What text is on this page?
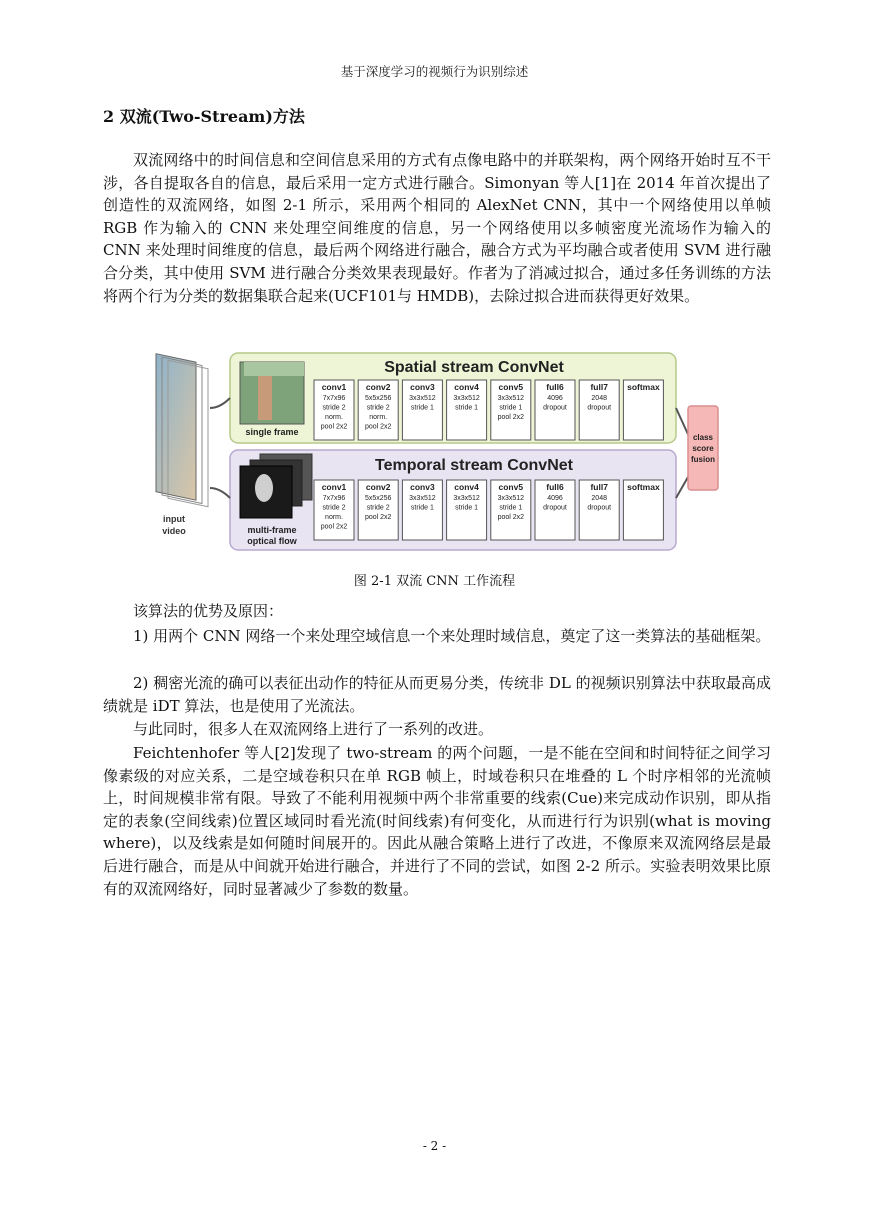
基于深度学习的视频行为识别综述
2 双流(Two-Stream)方法

双流网络中的时间信息和空间信息采用的方式有点像电路中的并联架构，两个网络开始时互不干涉，各自提取各自的信息，最后采用一定方式进行融合。Simonyan 等人[1]在 2014 年首次提出了创造性的双流网络，如图 2-1 所示，采用两个相同的 AlexNet CNN，其中一个网络使用以单帧 RGB 作为输入的 CNN 来处理空间维度的信息，另一个网络使用以多帧密度光流场作为输入的 CNN 来处理时间维度的信息，最后两个网络进行融合，融合方式为平均融合或者使用 SVM 进行融合分类，其中使用 SVM 进行融合分类效果表现最好。作者为了消减过拟合，通过多任务训练的方法将两个行为分类的数据集联合起来(UCF101与 HMDB)，去除过拟合进而获得更好效果。

Spatial stream ConvNet
Temporal stream ConvNet
input
video
single frame
multi-frame
optical flow
class
score
fusion
conv1
7x7x96
stride 2
norm.
pool 2x2
conv2
5x5x256
stride 2
norm.
pool 2x2
conv3
3x3x512
stride 1
conv4
3x3x512
stride 1
conv5
3x3x512
stride 1
pool 2x2
full6
4096
dropout
full7
2048
dropout
softmax
conv1
7x7x96
stride 2
norm.
pool 2x2
conv2
5x5x256
stride 2
pool 2x2
conv3
3x3x512
stride 1
conv4
3x3x512
stride 1
conv5
3x3x512
stride 1
pool 2x2
full6
4096
dropout
full7
2048
dropout
softmax
图 2-1 双流 CNN 工作流程

该算法的优势及原因：

1) 用两个 CNN 网络一个来处理空域信息一个来处理时域信息，奠定了这一类算法的基础框架。

2) 稠密光流的确可以表征出动作的特征从而更易分类，传统非 DL 的视频识别算法中获取最高成绩就是 iDT 算法，也是使用了光流法。

与此同时，很多人在双流网络上进行了一系列的改进。

Feichtenhofer 等人[2]发现了 two-stream 的两个问题，一是不能在空间和时间特征之间学习像素级的对应关系，二是空域卷积只在单 RGB 帧上，时域卷积只在堆叠的 L 个时序相邻的光流帧上，时间规模非常有限。导致了不能利用视频中两个非常重要的线索(Cue)来完成动作识别，即从指定的表象(空间线索)位置区域同时看光流(时间线索)有何变化，从而进行行为识别(what is moving where)，以及线索是如何随时间展开的。因此从融合策略上进行了改进，不像原来双流网络层是最后进行融合，而是从中间就开始进行融合，并进行了不同的尝试，如图 2-2 所示。实验表明效果比原有的双流网络好，同时显著减少了参数的数量。

- 2 -
